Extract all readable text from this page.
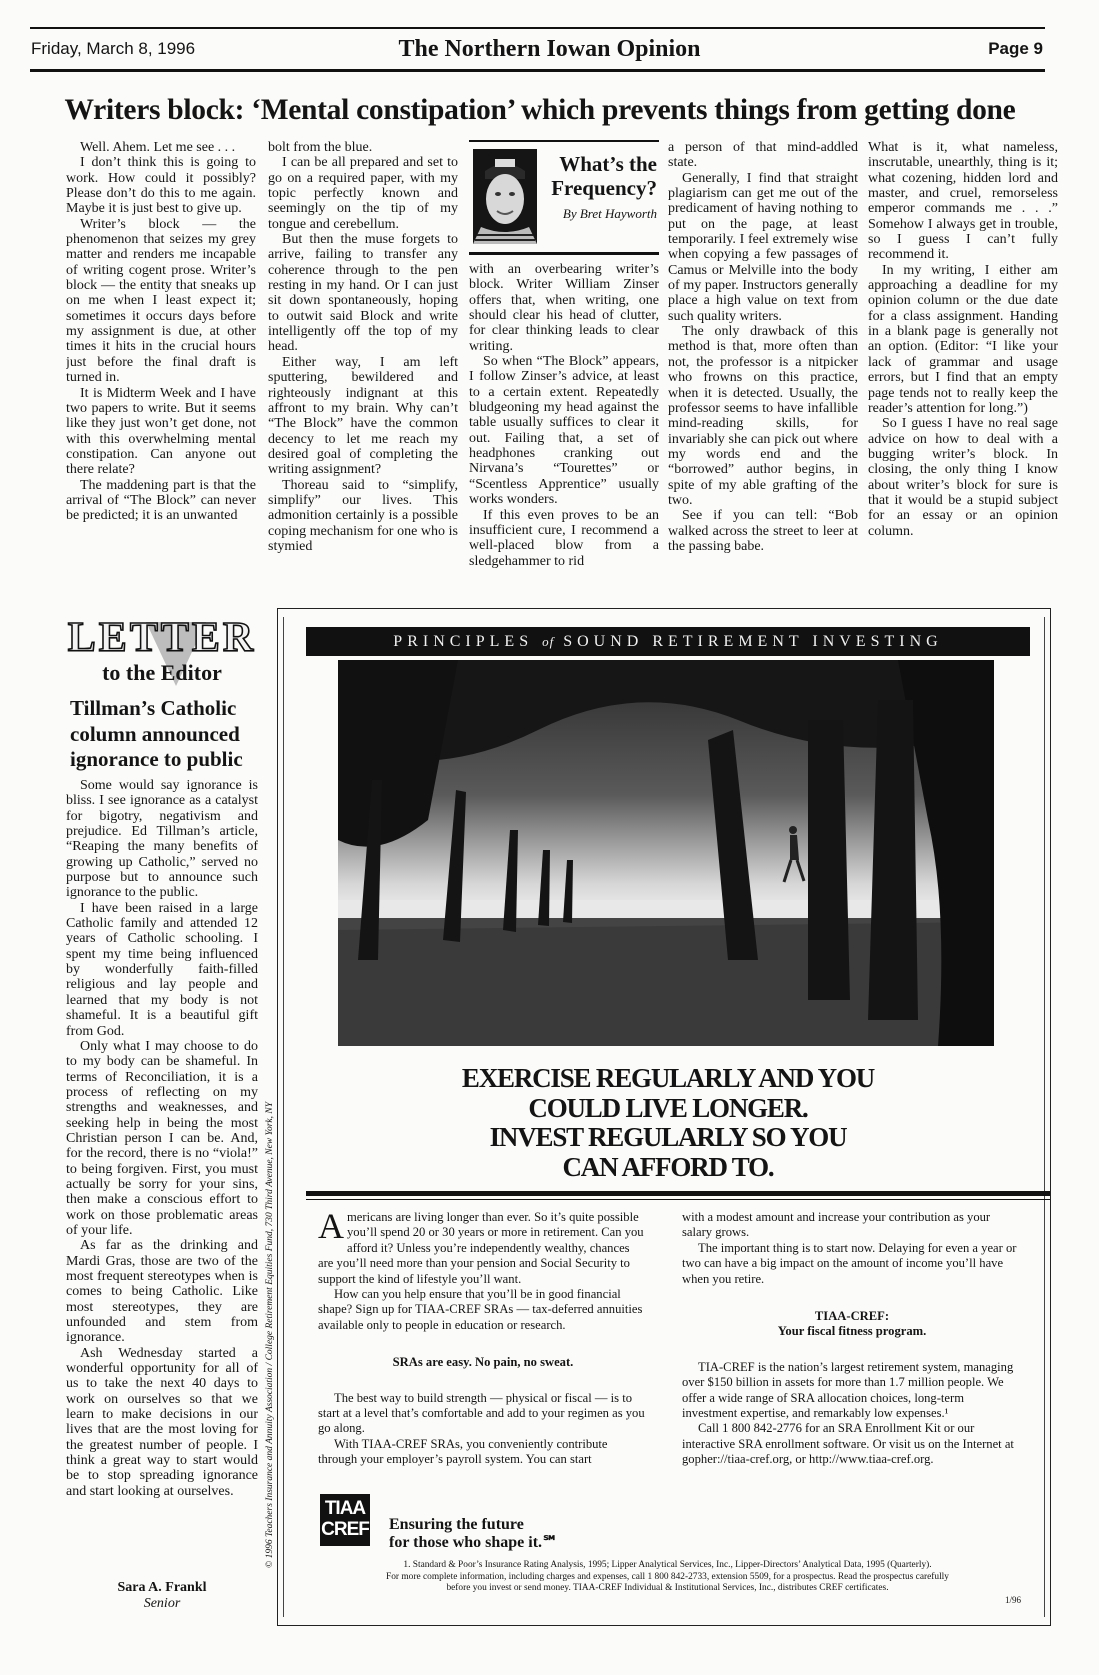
Friday, March 8, 1996	The Northern Iowan Opinion	Page 9
Writers block: ‘Mental constipation’ which prevents things from getting done

Well. Ahem. Let me see . . .

I don’t think this is going to work. How could it possibly? Please don’t do this to me again. Maybe it is just best to give up.

Writer’s block — the phenomenon that seizes my grey matter and renders me incapable of writing cogent prose. Writer’s block — the entity that sneaks up on me when I least expect it; sometimes it occurs days before my assignment is due, at other times it hits in the crucial hours just before the final draft is turned in.

It is Midterm Week and I have two papers to write. But it seems like they just won’t get done, not with this overwhelming mental constipation. Can anyone out there relate?

The maddening part is that the arrival of “The Block” can never be predicted; it is an unwanted

bolt from the blue.

I can be all prepared and set to go on a required paper, with my topic perfectly known and seemingly on the tip of my tongue and cerebellum.

But then the muse forgets to arrive, failing to transfer any coherence through to the pen resting in my hand. Or I can just sit down spontaneously, hoping to outwit said Block and write intelligently off the top of my head.

Either way, I am left sputtering, bewildered and righteously indignant at this affront to my brain. Why can’t “The Block” have the common decency to let me reach my desired goal of completing the writing assignment?

Thoreau said to “simplify, simplify” our lives. This admonition certainly is a possible coping mechanism for one who is stymied

with an overbearing writer’s block. Writer William Zinser offers that, when writing, one should clear his head of clutter, for clear thinking leads to clear writing.

So when “The Block” appears, I follow Zinser’s advice, at least to a certain extent. Repeatedly bludgeoning my head against the table usually suffices to clear it out. Failing that, a set of headphones cranking out Nirvana’s “Tourettes” or “Scentless Apprentice” usually works wonders.

If this even proves to be an insufficient cure, I recommend a well-placed blow from a sledgehammer to rid

a person of that mind-addled state.

Generally, I find that straight plagiarism can get me out of the predicament of having nothing to put on the page, at least temporarily. I feel extremely wise when copying a few passages of Camus or Melville into the body of my paper. Instructors generally place a high value on text from such quality writers.

The only drawback of this method is that, more often than not, the professor is a nitpicker who frowns on this practice, when it is detected. Usually, the professor seems to have infallible mind-reading skills, for invariably she can pick out where my words end and the “borrowed” author begins, in spite of my able grafting of the two.

See if you can tell: “Bob walked across the street to leer at the passing babe.

What is it, what nameless, inscrutable, unearthly, thing is it; what cozening, hidden lord and master, and cruel, remorseless emperor commands me . . .” Somehow I always get in trouble, so I guess I can’t fully recommend it.

In my writing, I either am approaching a deadline for my opinion column or the due date for a class assignment. Handing in a blank page is generally not an option. (Editor: “I like your lack of grammar and usage errors, but I find that an empty page tends not to really keep the reader’s attention for long.”)

So I guess I have no real sage advice on how to deal with a bugging writer’s block. In closing, the only thing I know about writer’s block for sure is that it would be a stupid subject for an essay or an opinion column.

What’s the
Frequency?
By Bret Hayworth
LETTER
to the Editor
Tillman’s Catholic column announced ignorance to public

Some would say ignorance is bliss. I see ignorance as a catalyst for bigotry, negativism and prejudice. Ed Tillman’s article, “Reaping the many benefits of growing up Catholic,” served no purpose but to announce such ignorance to the public.

I have been raised in a large Catholic family and attended 12 years of Catholic schooling. I spent my time being influenced by wonderfully faith-filled religious and lay people and learned that my body is not shameful. It is a beautiful gift from God.

Only what I may choose to do to my body can be shameful. In terms of Reconciliation, it is a process of reflecting on my strengths and weaknesses, and seeking help in being the most Christian person I can be. And, for the record, there is no “viola!” to being forgiven. First, you must actually be sorry for your sins, then make a conscious effort to work on those problematic areas of your life.

As far as the drinking and Mardi Gras, those are two of the most frequent stereotypes when is comes to being Catholic. Like most stereotypes, they are unfounded and stem from ignorance.

Ash Wednesday started a wonderful opportunity for all of us to take the next 40 days to work on ourselves so that we learn to make decisions in our lives that are the most loving for the greatest number of people. I think a great way to start would be to stop spreading ignorance and start looking at ourselves.

Sara A. Frankl
Senior
PRINCIPLES of SOUND RETIREMENT INVESTING
EXERCISE REGULARLY AND YOU
COULD LIVE LONGER.
INVEST REGULARLY SO YOU
CAN AFFORD TO.

Americans are living longer than ever. So it’s quite possible you’ll spend 20 or 30 years or more in retirement. Can you afford it? Unless you’re independently wealthy, chances are you’ll need more than your pension and Social Security to support the kind of lifestyle you’ll want.

How can you help ensure that you’ll be in good financial shape? Sign up for TIAA-CREF SRAs — tax-deferred annuities available only to people in education or research.

SRAs are easy. No pain, no sweat.

The best way to build strength — physical or fiscal — is to start at a level that’s comfortable and add to your regimen as you go along.

With TIAA-CREF SRAs, you conveniently contribute through your employer’s payroll system. You can start

with a modest amount and increase your contribution as your salary grows.

The important thing is to start now. Delaying for even a year or two can have a big impact on the amount of income you’ll have when you retire.

TIAA-CREF:

Your fiscal fitness program.

TIA-CREF is the nation’s largest retirement system, managing over $150 billion in assets for more than 1.7 million people. We offer a wide range of SRA allocation choices, long-term investment expertise, and remarkably low expenses.¹

Call 1 800 842-2776 for an SRA Enrollment Kit or our interactive SRA enrollment software. Or visit us on the Internet at gopher://tiaa-cref.org, or http://www.tiaa-cref.org.

TIAA
CREF Ensuring the future
for those who shape it.℠
1. Standard & Poor’s Insurance Rating Analysis, 1995; Lipper Analytical Services, Inc., Lipper-Directors’ Analytical Data, 1995 (Quarterly).
For more complete information, including charges and expenses, call 1 800 842-2733, extension 5509, for a prospectus. Read the prospectus carefully
before you invest or send money. TIAA-CREF Individual & Institutional Services, Inc., distributes CREF certificates.
1/96
© 1996 Teachers Insurance and Annuity Association / College Retirement Equities Fund, 730 Third Avenue, New York, NY
